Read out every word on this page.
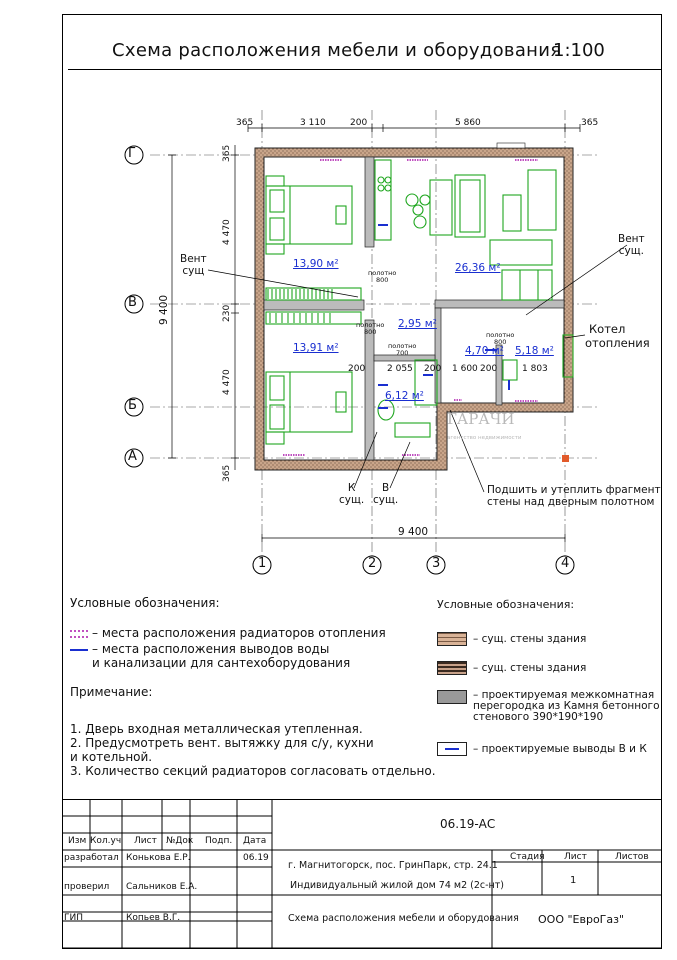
Схема расположения мебели и оборудования
1:100
Г
В
Б
А
1	2	3	4
365	3 110	200	5 860	365
365
4 470
230
4 470
365
9 400
9 400
13,90 м²	26,36 м²
2,95 м²
13,91 м²
6,12 м²
4,70 м² 5,18 м²
полотно
800
полотно
800
полотно
700
полотно
800
200 2 055 200 1 600 200	1 803
Вент
сущ
Вент
сущ.
Котел
отопления
К
сущ.
В
сущ.
Подшить и утеплить фрагмент
стены над дверным полотном
ГАРАЧИ
агентство недвижимости
Условные обозначения:
– места расположения радиаторов отопления
– места расположения выводов воды
и канализации для сантехоборудования
Примечание:
1. Дверь входная металлическая утепленная.
2. Предусмотреть вент. вытяжку для с/у, кухни
и котельной.
3. Количество секций радиаторов согласовать отдельно.
Условные обозначения:
– сущ. стены здания
– сущ. стены здания
– проектируемая межкомнатная
перегородка из Камня бетонного
стенового 390*190*190
– проектируемые выводы В и К
Изм Кол.уч Лист №Док Подп. Дата
разработал Конькова Е.Р.	06.19
проверил Сальников Е.А.
ГИП	Копьев В.Г.
06.19-АС
г. Магнитогорск, пос. ГринПарк, стр. 24.1
Индивидуальный жилой дом 74 м2 (2с-нт)
Схема расположения мебели и оборудования
Стадия Лист	Листов
1
ООО "ЕвроГаз"
